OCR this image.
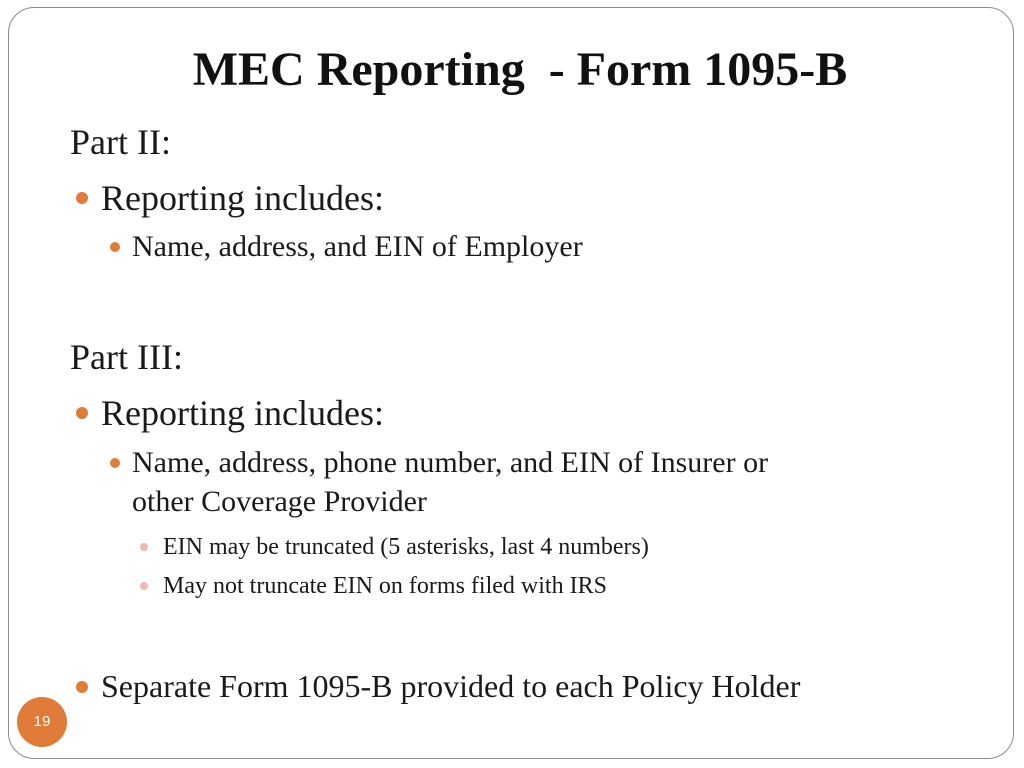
MEC Reporting  - Form 1095-B
Part II:
Reporting includes:
Name, address, and EIN of Employer
Part III:
Reporting includes:
Name, address, phone number, and EIN of Insurer or
other Coverage Provider
EIN may be truncated (5 asterisks, last 4 numbers)
May not truncate EIN on forms filed with IRS
Separate Form 1095-B provided to each Policy Holder
19
